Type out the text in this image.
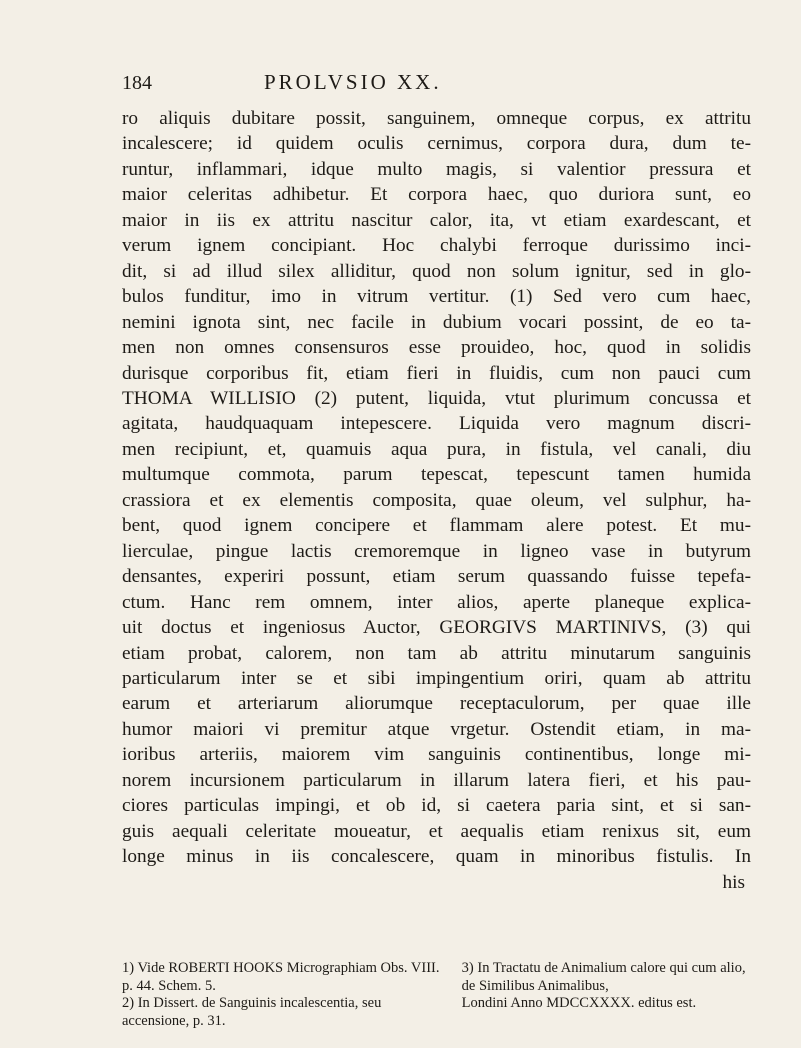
184	PROLVSIO XX.
ro aliquis dubitare possit, sanguinem, omneque corpus, ex attritu
incalescere; id quidem oculis cernimus, corpora dura, dum te-
runtur, inflammari, idque multo magis, si valentior pressura et
maior celeritas adhibetur. Et corpora haec, quo duriora sunt, eo
maior in iis ex attritu nascitur calor, ita, vt etiam exardescant, et
verum ignem concipiant. Hoc chalybi ferroque durissimo inci-
dit, si ad illud silex alliditur, quod non solum ignitur, sed in glo-
bulos funditur, imo in vitrum vertitur. (1) Sed vero cum haec,
nemini ignota sint, nec facile in dubium vocari possint, de eo ta-
men non omnes consensuros esse prouideo, hoc, quod in solidis
durisque corporibus fit, etiam fieri in fluidis, cum non pauci cum
THOMA WILLISIO (2) putent, liquida, vtut plurimum concussa et
agitata, haudquaquam intepescere. Liquida vero magnum discri-
men recipiunt, et, quamuis aqua pura, in fistula, vel canali, diu
multumque commota, parum tepescat, tepescunt tamen humida
crassiora et ex elementis composita, quae oleum, vel sulphur, ha-
bent, quod ignem concipere et flammam alere potest. Et mu-
lierculae, pingue lactis cremoremque in ligneo vase in butyrum
densantes, experiri possunt, etiam serum quassando fuisse tepefa-
ctum. Hanc rem omnem, inter alios, aperte planeque explica-
uit doctus et ingeniosus Auctor, GEORGIVS MARTINIVS, (3) qui
etiam probat, calorem, non tam ab attritu minutarum sanguinis
particularum inter se et sibi impingentium oriri, quam ab attritu
earum et arteriarum aliorumque receptaculorum, per quae ille
humor maiori vi premitur atque vrgetur. Ostendit etiam, in ma-
ioribus arteriis, maiorem vim sanguinis continentibus, longe mi-
norem incursionem particularum in illarum latera fieri, et his pau-
ciores particulas impingi, et ob id, si caetera paria sint, et si san-
guis aequali celeritate moueatur, et aequalis etiam renixus sit, eum
longe minus in iis concalescere, quam in minoribus fistulis. In
his
1) Vide ROBERTI HOOKS Micrographiam Obs. VIII. p. 44. Schem. 5.
2) In Dissert. de Sanguinis incalescentia, seu accensione, p. 31.
3) In Tractatu de Animalium calore qui cum alio, de Similibus Animalibus,
Londini Anno MDCCXXXX. editus est.
